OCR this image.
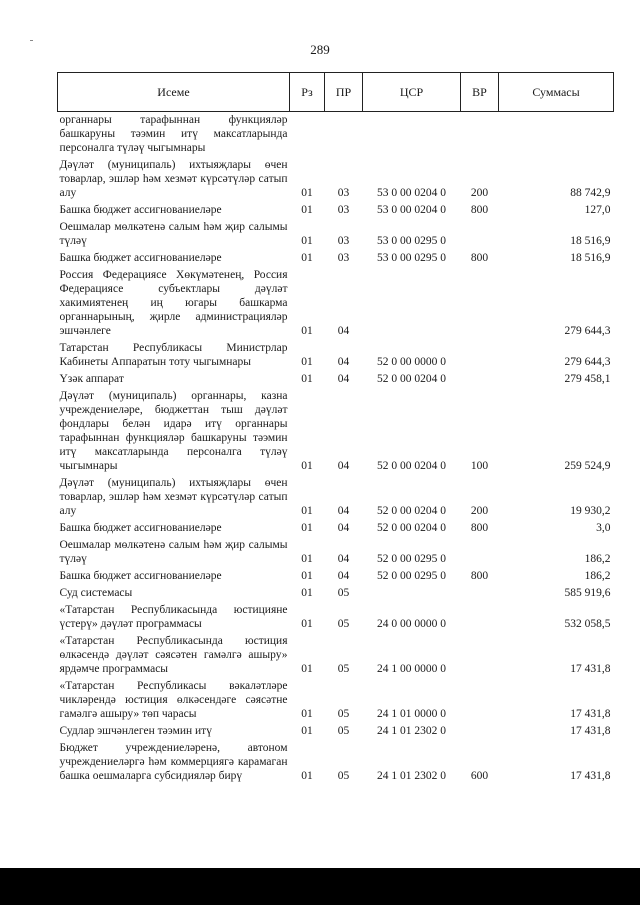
289
Исеме	Рз	ПР	ЦСР	ВР	Суммасы
органнары тарафыннан функцияләр башкаруны тәэмин итү максатларында персоналга түләү чыгымнары					
Дәүләт (муниципаль) ихтыяҗлары өчен товарлар, эшләр һәм хезмәт күрсәтүләр сатып алу	01	03	53 0 00 0204 0	200	88 742,9
Башка бюджет ассигнованиеләре	01	03	53 0 00 0204 0	800	127,0
Оешмалар мөлкәтенә салым һәм җир салымы түләү	01	03	53 0 00 0295 0		18 516,9
Башка бюджет ассигнованиеләре	01	03	53 0 00 0295 0	800	18 516,9
Россия Федерациясе Хөкүмәтенең, Россия Федерациясе субъектлары дәүләт хакимиятенең иң югары башкарма органнарының, җирле администрацияләр эшчәнлеге	01	04			279 644,3
Татарстан Республикасы Министрлар Кабинеты Аппаратын тоту чыгымнары	01	04	52 0 00 0000 0		279 644,3
Үзәк аппарат	01	04	52 0 00 0204 0		279 458,1
Дәүләт (муниципаль) органнары, казна учреждениеләре, бюджеттан тыш дәүләт фондлары белән идарә итү органнары тарафыннан функцияләр башкаруны тәэмин итү максатларында персоналга түләү чыгымнары	01	04	52 0 00 0204 0	100	259 524,9
Дәүләт (муниципаль) ихтыяҗлары өчен товарлар, эшләр һәм хезмәт күрсәтүләр сатып алу	01	04	52 0 00 0204 0	200	19 930,2
Башка бюджет ассигнованиеләре	01	04	52 0 00 0204 0	800	3,0
Оешмалар мөлкәтенә салым һәм җир салымы түләү	01	04	52 0 00 0295 0		186,2
Башка бюджет ассигнованиеләре	01	04	52 0 00 0295 0	800	186,2
Суд системасы	01	05			585 919,6
«Татарстан Республикасында юстицияне үстерү» дәүләт программасы	01	05	24 0 00 0000 0		532 058,5
«Татарстан Республикасында юстиция өлкәсендә дәүләт сәясәтен гамәлгә ашыру» ярдәмче программасы	01	05	24 1 00 0000 0		17 431,8
«Татарстан Республикасы вәкаләтләре чикләрендә юстиция өлкәсендәге сәясәтне гамәлгә ашыру» төп чарасы	01	05	24 1 01 0000 0		17 431,8
Судлар эшчәнлеген тәэмин итү	01	05	24 1 01 2302 0		17 431,8
Бюджет учреждениеләренә, автоном учреждениеләргә һәм коммерциягә карамаган башка оешмаларга субсидияләр бирү	01	05	24 1 01 2302 0	600	17 431,8
